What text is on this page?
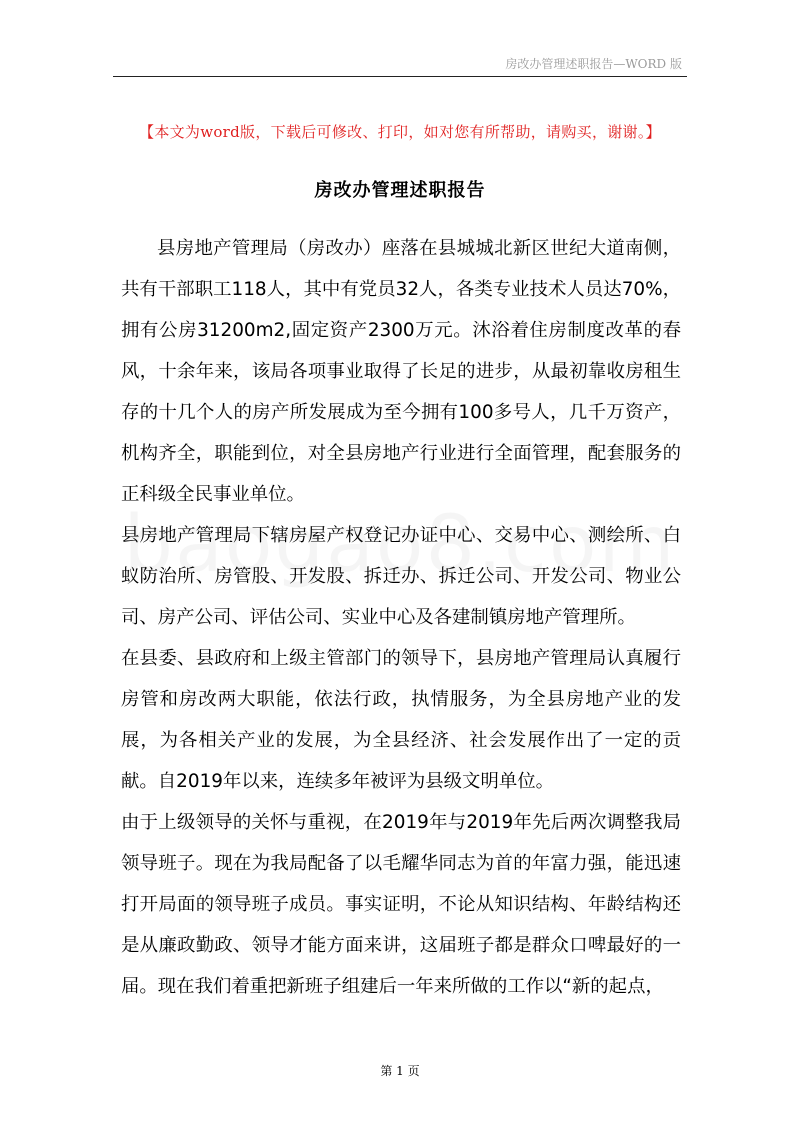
房改办管理述职报告—WORD 版
【本文为word版，下载后可修改、打印，如对您有所帮助，请购买，谢谢。】
房改办管理述职报告

县房地产管理局（房改办）座落在县城城北新区世纪大道南侧，共有干部职工118人，其中有党员32人，各类专业技术人员达70%，拥有公房31200m2,固定资产2300万元。沐浴着住房制度改革的春风，十余年来，该局各项事业取得了长足的进步，从最初靠收房租生存的十几个人的房产所发展成为至今拥有100多号人，几千万资产，机构齐全，职能到位，对全县房地产行业进行全面管理，配套服务的正科级全民事业单位。

县房地产管理局下辖房屋产权登记办证中心、交易中心、测绘所、白蚁防治所、房管股、开发股、拆迁办、拆迁公司、开发公司、物业公司、房产公司、评估公司、实业中心及各建制镇房地产管理所。

在县委、县政府和上级主管部门的领导下，县房地产管理局认真履行房管和房改两大职能，依法行政，执情服务，为全县房地产业的发展，为各相关产业的发展，为全县经济、社会发展作出了一定的贡献。自2019年以来，连续多年被评为县级文明单位。

由于上级领导的关怀与重视，在2019年与2019年先后两次调整我局领导班子。现在为我局配备了以毛耀华同志为首的年富力强，能迅速打开局面的领导班子成员。事实证明，不论从知识结构、年龄结构还是从廉政勤政、领导才能方面来讲，这届班子都是群众口啤最好的一届。现在我们着重把新班子组建后一年来所做的工作以“新的起点，

第 1 页
